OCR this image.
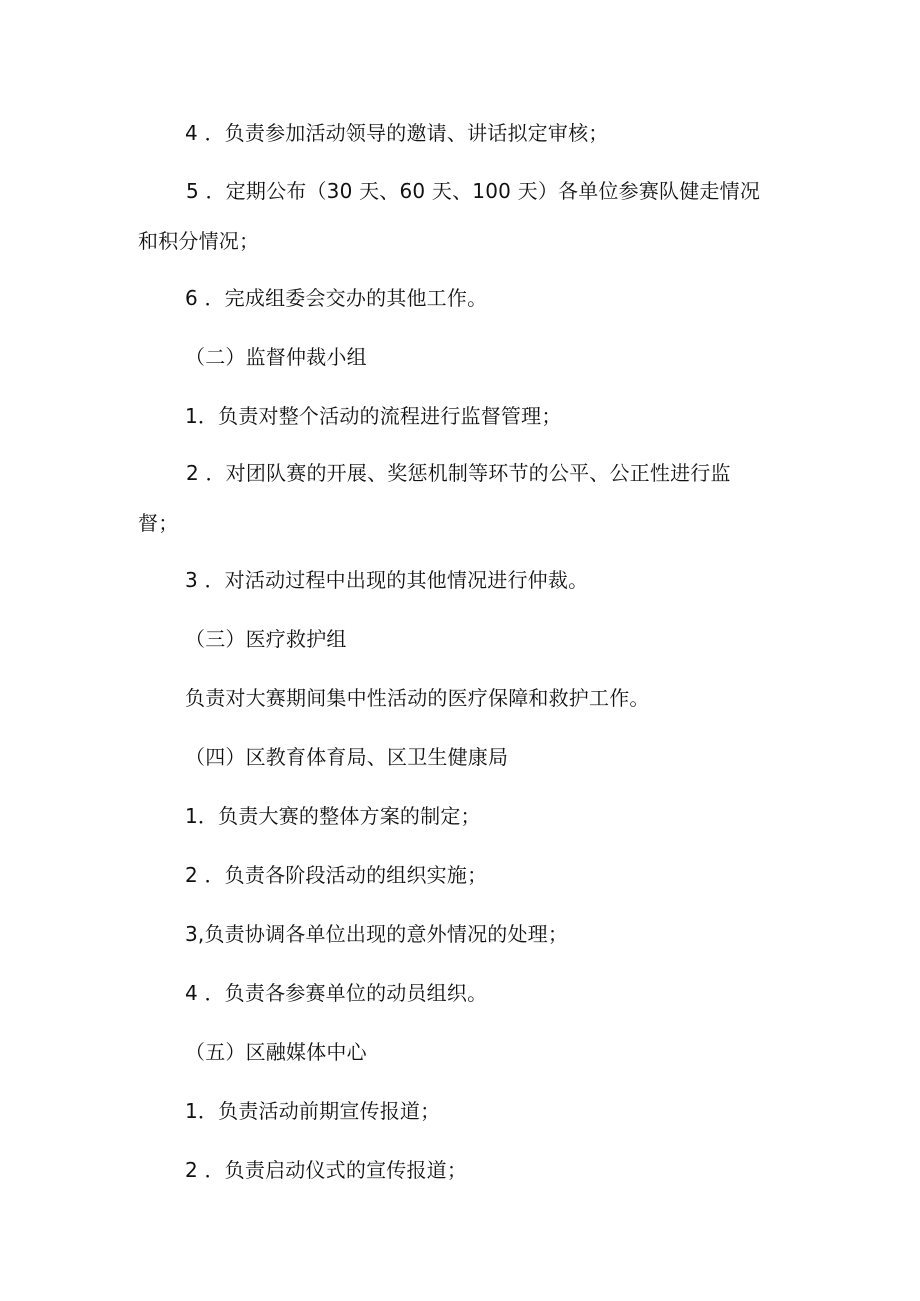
4 ．负责参加活动领导的邀请、讲话拟定审核；
5 ．定期公布（30 天、60 天、100 天）各单位参赛队健走情况和积分情况；
6 ．完成组委会交办的其他工作。
（二）监督仲裁小组
1．负责对整个活动的流程进行监督管理；
2 ．对团队赛的开展、奖惩机制等环节的公平、公正性进行监督；
3 ．对活动过程中出现的其他情况进行仲裁。
（三）医疗救护组
负责对大赛期间集中性活动的医疗保障和救护工作。
（四）区教育体育局、区卫生健康局
1．负责大赛的整体方案的制定；
2 ．负责各阶段活动的组织实施；
3,负责协调各单位出现的意外情况的处理；
4 ．负责各参赛单位的动员组织。
（五）区融媒体中心
1．负责活动前期宣传报道；
2 ．负责启动仪式的宣传报道；
